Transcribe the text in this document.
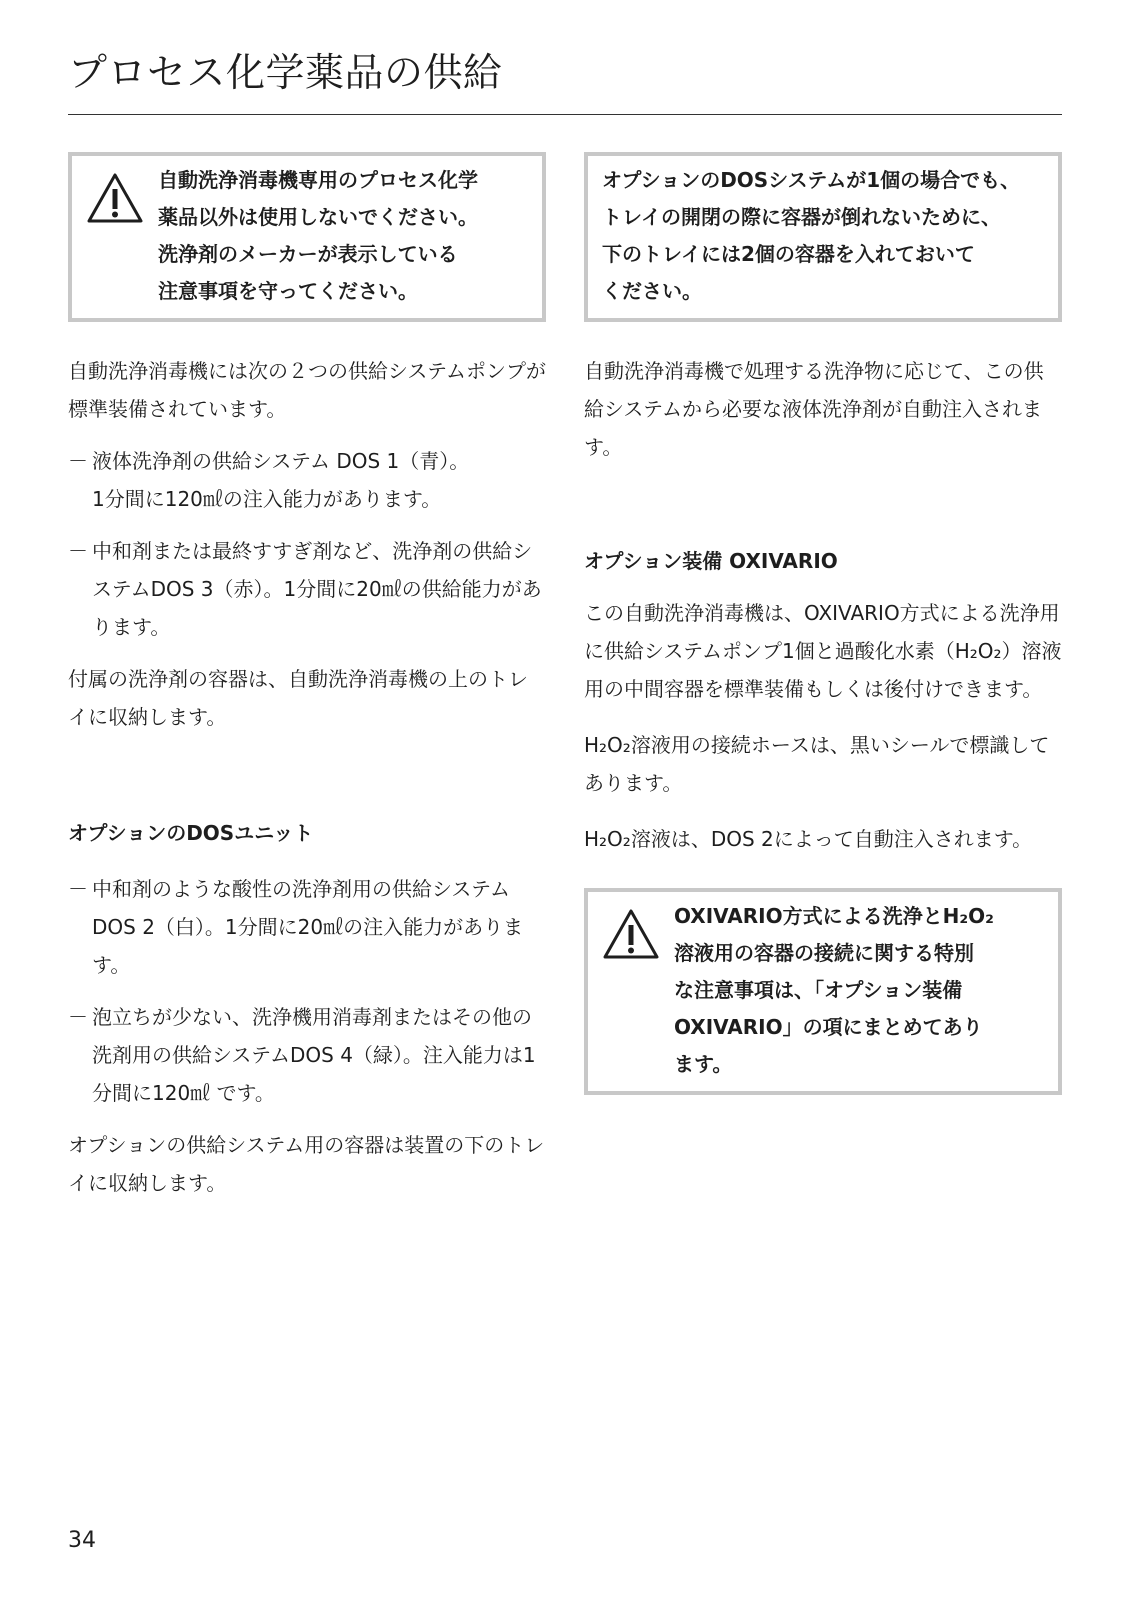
プロセス化学薬品の供給
自動洗浄消毒機専用のプロセス化学
薬品以外は使用しないでください。
洗浄剤のメーカーが表示している
注意事項を守ってください。

自動洗浄消毒機には次の２つの供給システムポンプが標準装備されています。

－ 液体洗浄剤の供給システム DOS 1（青）。
1分間に120㎖の注入能力があります。
－ 中和剤または最終すすぎ剤など、洗浄剤の供給システムDOS 3（赤）。1分間に20㎖の供給能力があります。

付属の洗浄剤の容器は、自動洗浄消毒機の上のトレイに収納します。

オプションのDOSユニット
－ 中和剤のような酸性の洗浄剤用の供給システムDOS 2（白）。1分間に20㎖の注入能力があります。
－ 泡立ちが少ない、洗浄機用消毒剤またはその他の洗剤用の供給システムDOS 4（緑）。注入能力は1分間に120㎖ です。

オプションの供給システム用の容器は装置の下のトレイに収納します。

オプションのDOSシステムが1個の場合でも、
トレイの開閉の際に容器が倒れないために、
下のトレイには2個の容器を入れておいて
ください。

自動洗浄消毒機で処理する洗浄物に応じて、この供給システムから必要な液体洗浄剤が自動注入されます。

オプション装備 OXIVARIO

この自動洗浄消毒機は、OXIVARIO方式による洗浄用に供給システムポンプ1個と過酸化水素（H₂O₂）溶液用の中間容器を標準装備もしくは後付けできます。

H₂O₂溶液用の接続ホースは、黒いシールで標識してあります。

H₂O₂溶液は、DOS 2によって自動注入されます。

OXIVARIO方式による洗浄とH₂O₂
溶液用の容器の接続に関する特別
な注意事項は、「オプション装備
OXIVARIO」の項にまとめてあり
ます。
34
